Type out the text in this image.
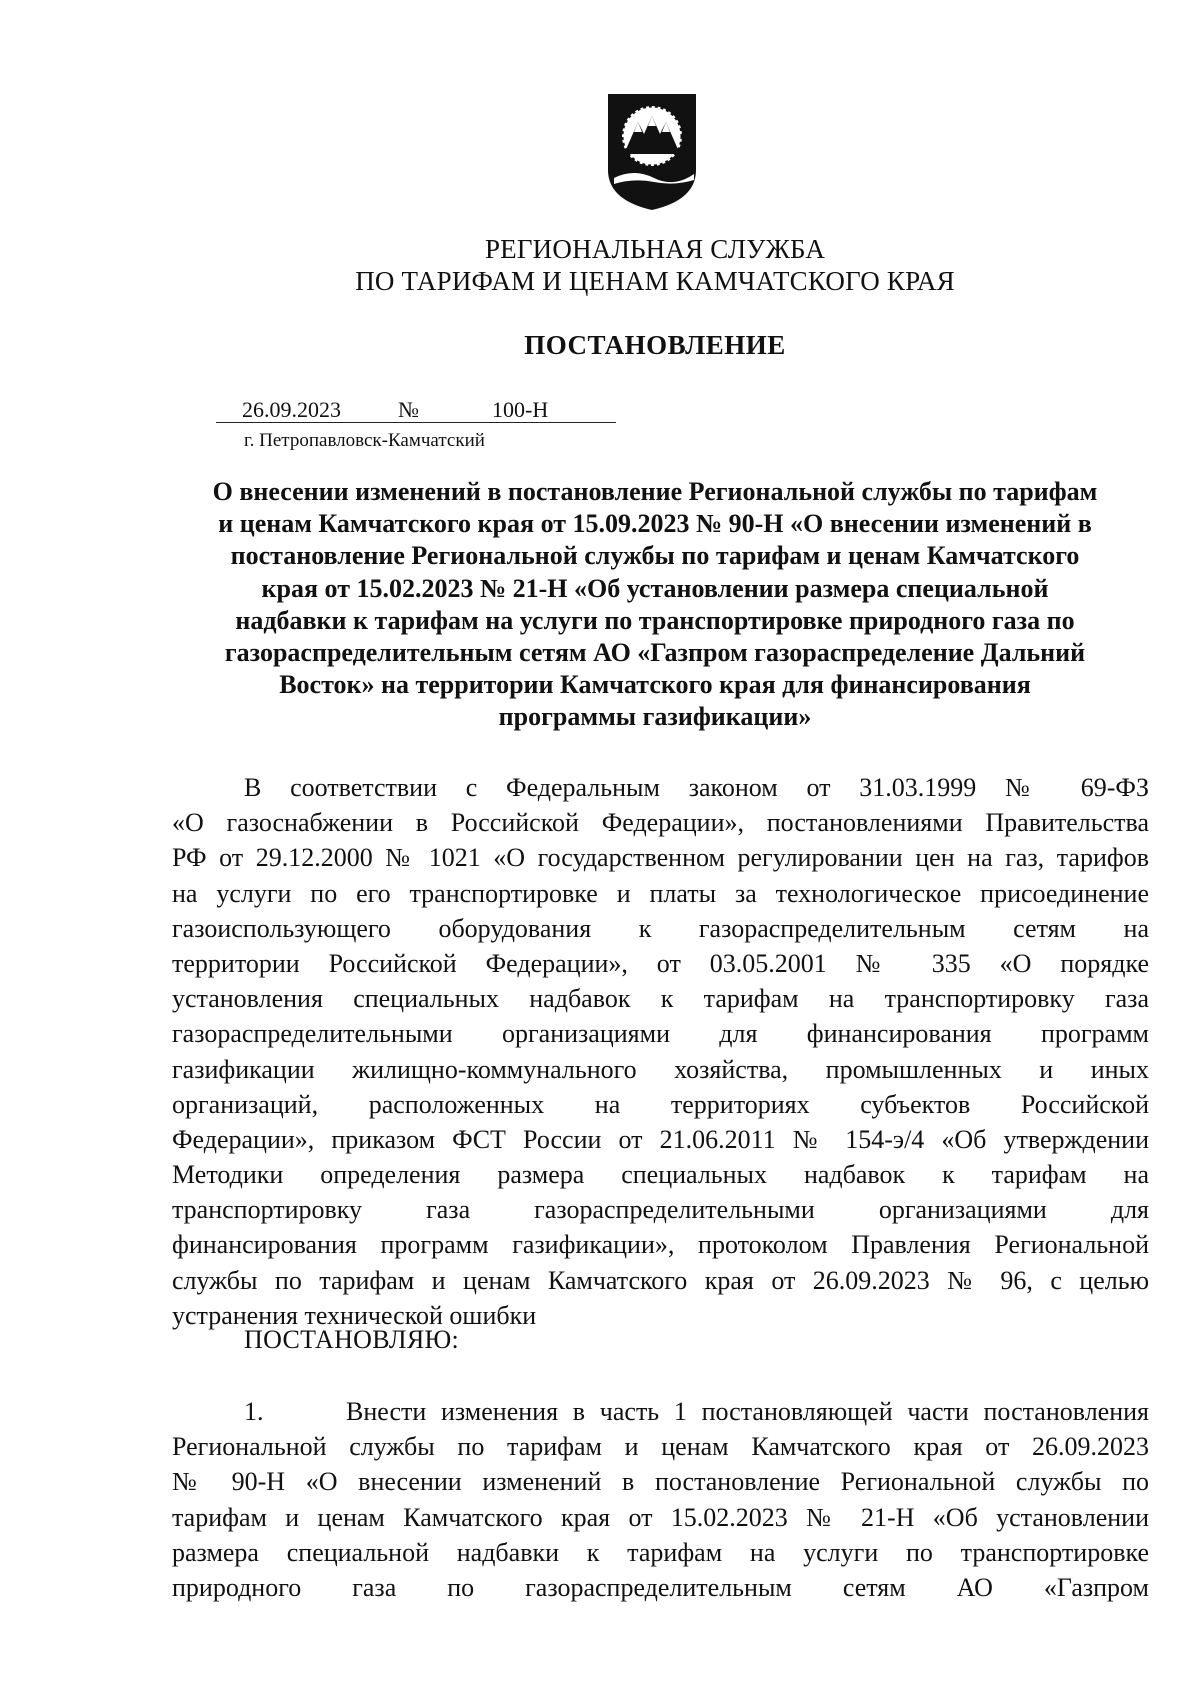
РЕГИОНАЛЬНАЯ СЛУЖБА
ПО ТАРИФАМ И ЦЕНАМ КАМЧАТСКОГО КРАЯ
ПОСТАНОВЛЕНИЕ
26.09.2023	№	100-Н
г. Петропавловск-Камчатский
О внесении изменений в постановление Региональной службы по тарифам
и ценам Камчатского края от 15.09.2023 № 90-Н «О внесении изменений в
постановление Региональной службы по тарифам и ценам Камчатского
края от 15.02.2023 № 21-Н «Об установлении размера специальной
надбавки к тарифам на услуги по транспортировке природного газа по
газораспределительным сетям АО «Газпром газораспределение Дальний
Восток» на территории Камчатского края для финансирования
программы газификации»
В соответствии с Федеральным законом от 31.03.1999 № 69-ФЗ
«О газоснабжении в Российской Федерации», постановлениями Правительства
РФ от 29.12.2000 № 1021 «О государственном регулировании цен на газ, тарифов
на услуги по его транспортировке и платы за технологическое присоединение
газоиспользующего оборудования к газораспределительным сетям на
территории Российской Федерации», от 03.05.2001 № 335 «О порядке
установления специальных надбавок к тарифам на транспортировку газа
газораспределительными организациями для финансирования программ
газификации жилищно-коммунального хозяйства, промышленных и иных
организаций, расположенных на территориях субъектов Российской
Федерации», приказом ФСТ России от 21.06.2011 № 154-э/4 «Об утверждении
Методики определения размера специальных надбавок к тарифам на
транспортировку газа газораспределительными организациями для
финансирования программ газификации», протоколом Правления Региональной
службы по тарифам и ценам Камчатского края от 26.09.2023 № 96, с целью
устранения технической ошибки
ПОСТАНОВЛЯЮ:
1.	Внести изменения в часть 1 постановляющей части постановления
Региональной службы по тарифам и ценам Камчатского края от 26.09.2023
№ 90-Н «О внесении изменений в постановление Региональной службы по
тарифам и ценам Камчатского края от 15.02.2023 № 21-Н «Об установлении
размера специальной надбавки к тарифам на услуги по транспортировке
природного газа по газораспределительным сетям АО «Газпром
